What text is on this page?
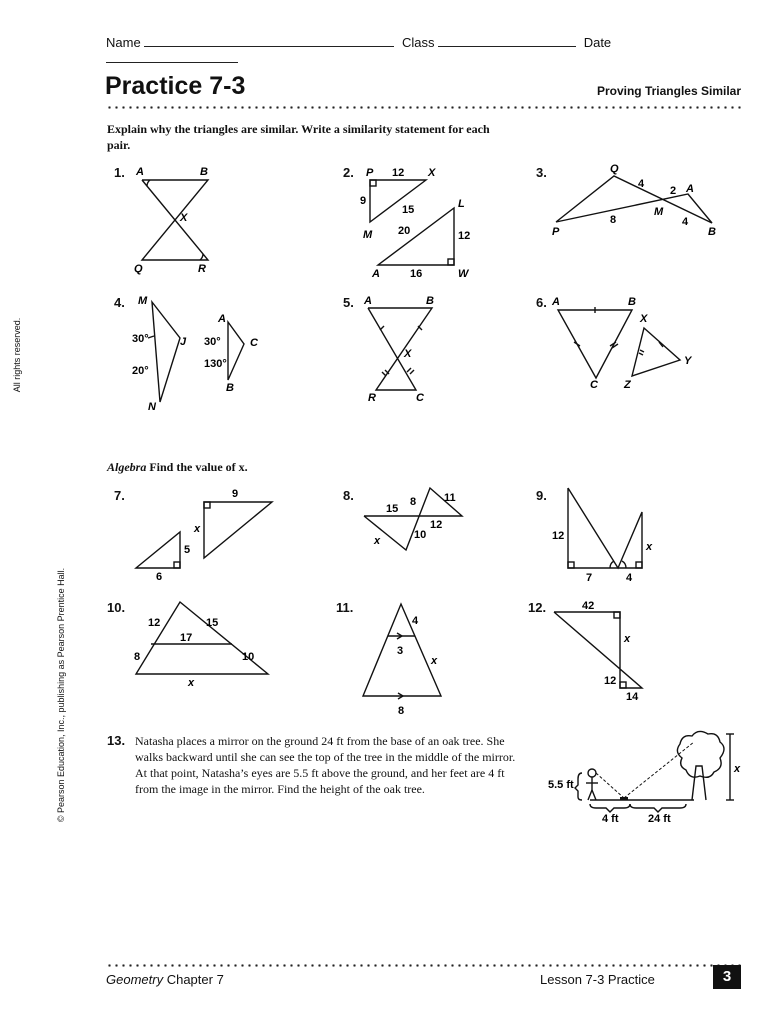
Name	Class	Date
Practice 7-3	Proving Triangles Similar
All rights reserved.
© Pearson Education, Inc., publishing as Pearson Prentice Hall.
Explain why the triangles are similar. Write a similarity statement for each pair.
1. A	B
X
Q	R
2. P	X
M
L
A	W
12
9
15
20	12
16
3.	Q
A
M
P	B
4
2
8	4
4. M
J
N
A
C
B
30°
20°
30°
130°
5. A	B
X
R	C
6. A	B
C
X
Y
Z
Algebra Find the value of x.
7.	9
x
5
6
8.	8	11
15
12
10
x
9.
12
x
7	4
10.
12	15
17
8	10
x
11.
4
3
x
8
12.	42
x
12
14
13. Natasha places a mirror on the ground 24 ft from the base of an oak tree. She walks backward until she can see the top of the tree in the middle of the mirror. At that point, Natasha’s eyes are 5.5 ft above the ground, and her feet are 4 ft from the image in the mirror. Find the height of the oak tree.	5.5 ft
4 ft	24 ft
x
Geometry Chapter 7	Lesson 7-3 Practice	3
